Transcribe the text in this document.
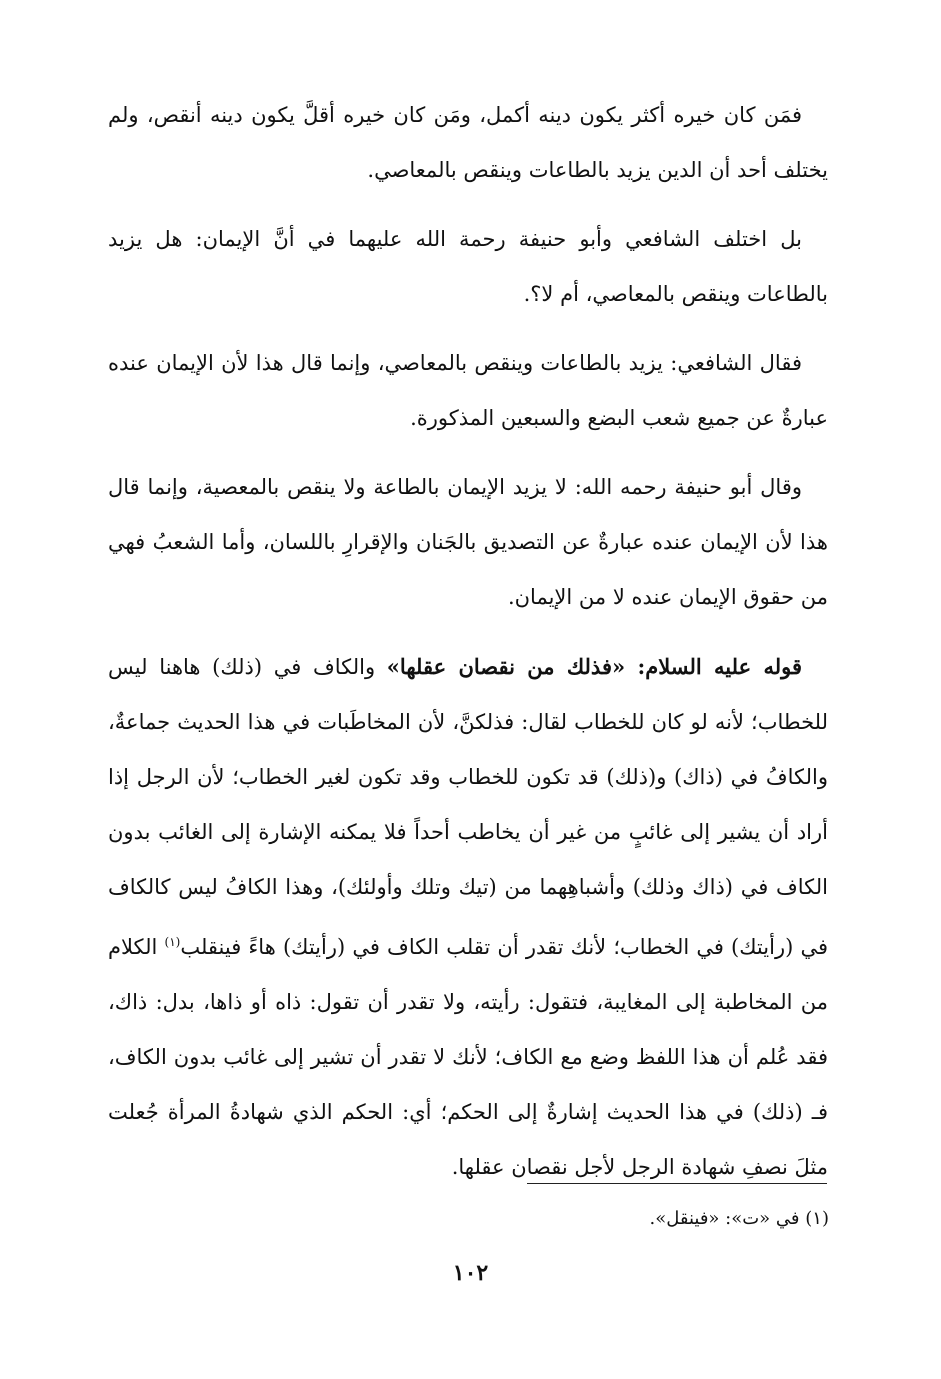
فمَن كان خيره أكثر يكون دينه أكمل، ومَن كان خيره أقلَّ يكون دينه أنقص، ولم يختلف أحد أن الدين يزيد بالطاعات وينقص بالمعاصي.

بل اختلف الشافعي وأبو حنيفة رحمة الله عليهما في أنَّ الإيمان: هل يزيد بالطاعات وينقص بالمعاصي، أم لا؟.

فقال الشافعي: يزيد بالطاعات وينقص بالمعاصي، وإنما قال هذا لأن الإيمان عنده عبارةٌ عن جميع شعب البضع والسبعين المذكورة.

وقال أبو حنيفة رحمه الله: لا يزيد الإيمان بالطاعة ولا ينقص بالمعصية، وإنما قال هذا لأن الإيمان عنده عبارةٌ عن التصديق بالجَنان والإقرارِ باللسان، وأما الشعبُ فهي من حقوق الإيمان عنده لا من الإيمان.

قوله عليه السلام: «فذلك من نقصان عقلها» والكاف في (ذلك) هاهنا ليس للخطاب؛ لأنه لو كان للخطاب لقال: فذلكنَّ، لأن المخاطَبات في هذا الحديث جماعةٌ، والكافُ في (ذاك) و(ذلك) قد تكون للخطاب وقد تكون لغير الخطاب؛ لأن الرجل إذا أراد أن يشير إلى غائبٍ من غير أن يخاطب أحداً فلا يمكنه الإشارة إلى الغائب بدون الكاف في (ذاك وذلك) وأشباهِهما من (تيك وتلك وأولئك)، وهذا الكافُ ليس كالكاف في (رأيتك) في الخطاب؛ لأنك تقدر أن تقلب الكاف في (رأيتك) هاءً فينقلب$^{(١)}$ الكلام من المخاطبة إلى المغايبة، فتقول: رأيته، ولا تقدر أن تقول: ذاه أو ذاها، بدل: ذاك، فقد عُلم أن هذا اللفظ وضع مع الكاف؛ لأنك لا تقدر أن تشير إلى غائب بدون الكاف، فـ (ذلك) في هذا الحديث إشارةٌ إلى الحكم؛ أي: الحكم الذي شهادةُ المرأة جُعلت مثلَ نصفِ شهادة الرجل لأجل نقصان عقلها.

(١) في «ت»: «فينقل».
١٠٢
